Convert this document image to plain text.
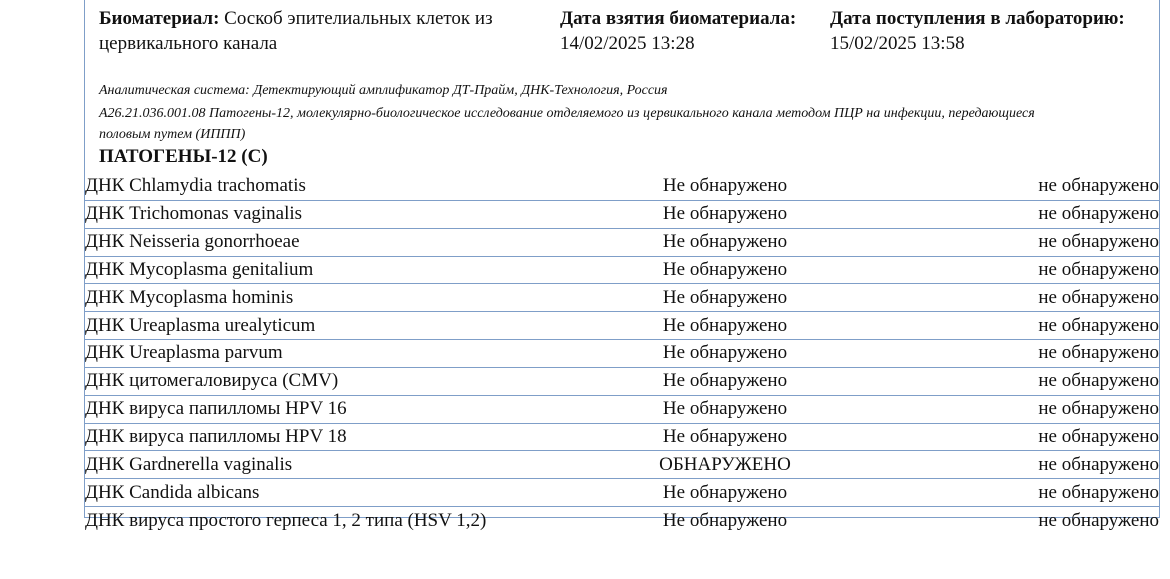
Биоматериал: Соскоб эпителиальных клеток из цервикального канала
Дата взятия биоматериала:
14/02/2025 13:28
Дата поступления в лабораторию:
15/02/2025 13:58
Аналитическая система: Детектирующий амплификатор ДТ-Прайм, ДНК-Технология, Россия
А26.21.036.001.08 Патогены-12, молекулярно-биологическое исследование отделяемого из цервикального канала методом ПЦР на инфекции, передающиеся половым путем (ИППП)
ПАТОГЕНЫ-12 (С)
ДНК Chlamydia trachomatis	Не обнаружено	не обнаружено
ДНК Trichomonas vaginalis	Не обнаружено	не обнаружено
ДНК Neisseria gonorrhoeae	Не обнаружено	не обнаружено
ДНК Mycoplasma genitalium	Не обнаружено	не обнаружено
ДНК Mycoplasma hominis	Не обнаружено	не обнаружено
ДНК Ureaplasma urealyticum	Не обнаружено	не обнаружено
ДНК Ureaplasma parvum	Не обнаружено	не обнаружено
ДНК цитомегаловируса (CMV)	Не обнаружено	не обнаружено
ДНК вируса папилломы HPV 16	Не обнаружено	не обнаружено
ДНК вируса папилломы HPV 18	Не обнаружено	не обнаружено
ДНК Gardnerella vaginalis	ОБНАРУЖЕНО	не обнаружено
ДНК Candida albicans	Не обнаружено	не обнаружено
ДНК вируса простого герпеса 1, 2 типа (HSV 1,2)	Не обнаружено	не обнаружено
